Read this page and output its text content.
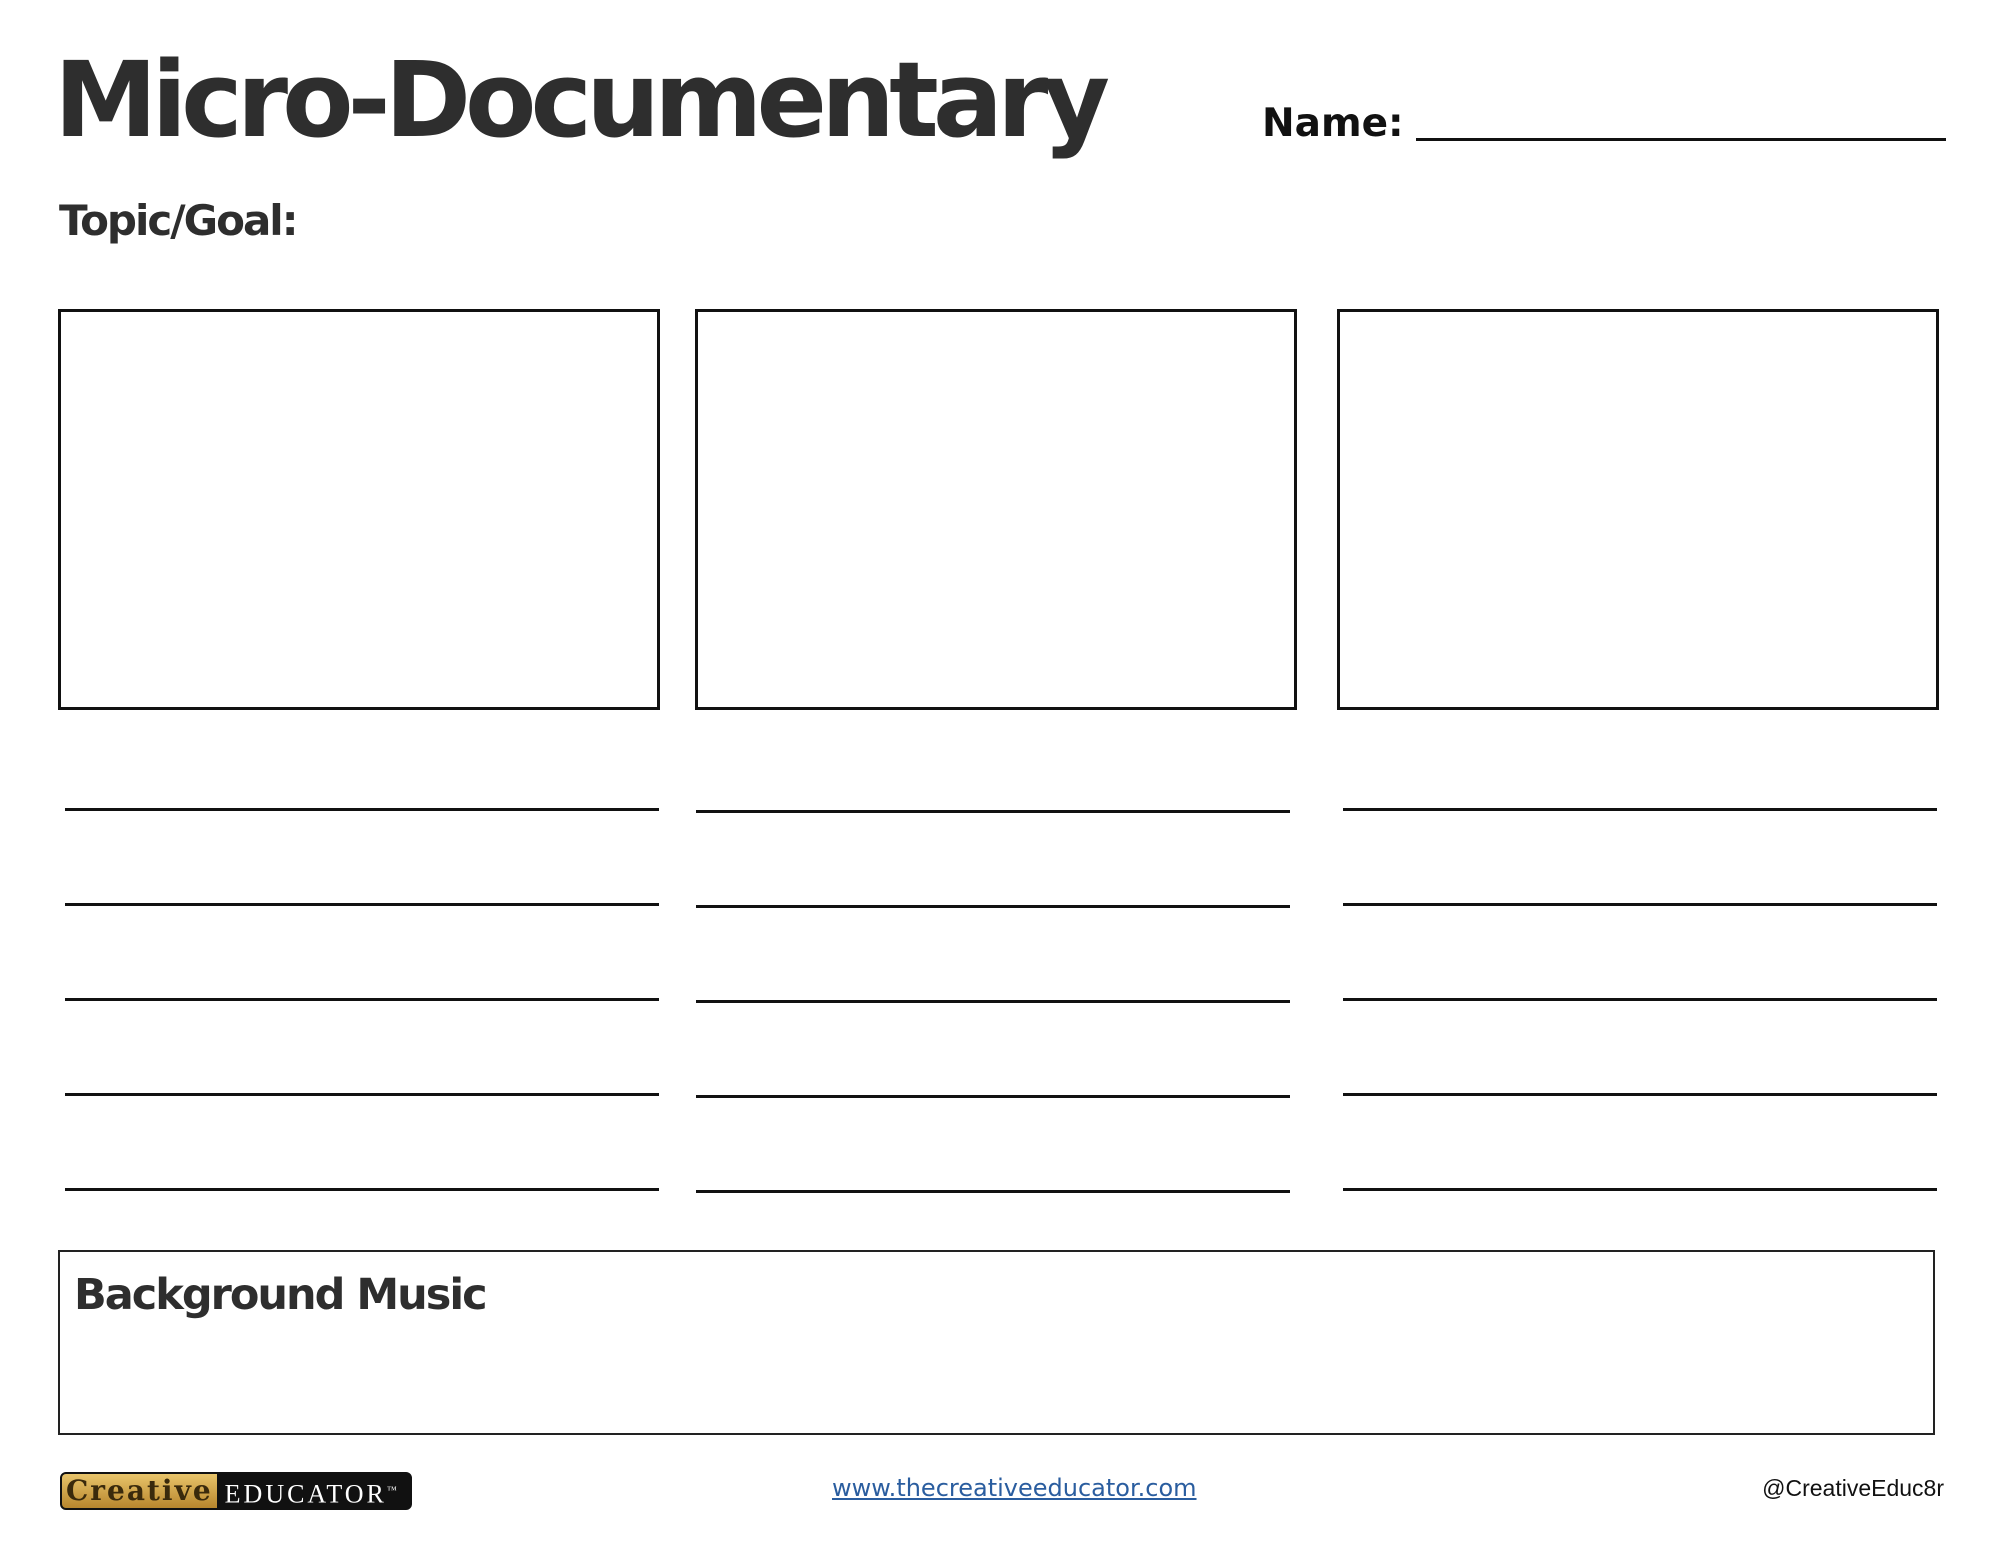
Micro-Documentary	Name:
Topic/Goal:
Background Music
Creative EDUCATOR™	www.thecreativeeducator.com	@CreativeEduc8r
